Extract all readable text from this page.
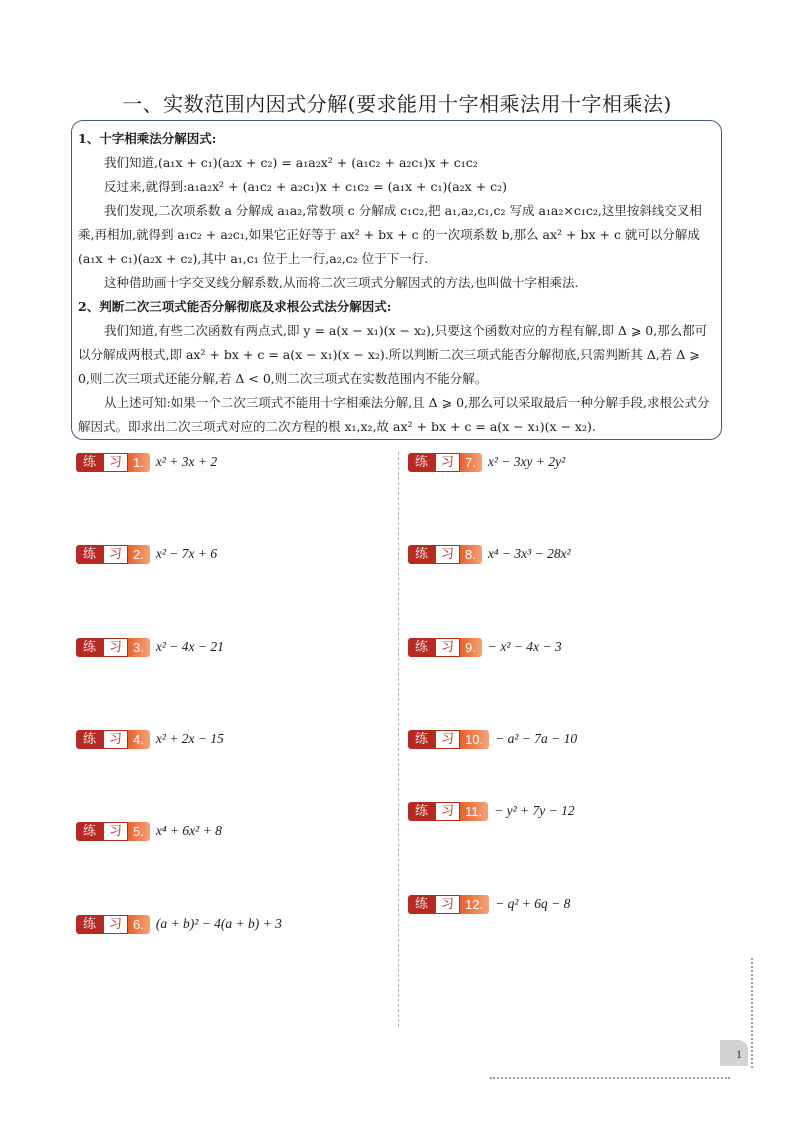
一、实数范围内因式分解(要求能用十字相乘法用十字相乘法)

1、十字相乘法分解因式:

我们知道,(a₁x + c₁)(a₂x + c₂) = a₁a₂x² + (a₁c₂ + a₂c₁)x + c₁c₂

反过来,就得到:a₁a₂x² + (a₁c₂ + a₂c₁)x + c₁c₂ = (a₁x + c₁)(a₂x + c₂)

我们发现,二次项系数 a 分解成 a₁a₂,常数项 c 分解成 c₁c₂,把 a₁,a₂,c₁,c₂ 写成 a₁a₂×c₁c₂,这里按斜线交叉相乘,再相加,就得到 a₁c₂ + a₂c₁,如果它正好等于 ax² + bx + c 的一次项系数 b,那么 ax² + bx + c 就可以分解成(a₁x + c₁)(a₂x + c₂),其中 a₁,c₁ 位于上一行,a₂,c₂ 位于下一行.

这种借助画十字交叉线分解系数,从而将二次三项式分解因式的方法,也叫做十字相乘法.

2、判断二次三项式能否分解彻底及求根公式法分解因式:

我们知道,有些二次函数有两点式,即 y = a(x − x₁)(x − x₂),只要这个函数对应的方程有解,即 Δ ⩾ 0,那么都可以分解成两根式,即 ax² + bx + c = a(x − x₁)(x − x₂).所以判断二次三项式能否分解彻底,只需判断其 Δ,若 Δ ⩾ 0,则二次三项式还能分解,若 Δ < 0,则二次三项式在实数范围内不能分解。

从上述可知:如果一个二次三项式不能用十字相乘法分解,且 Δ ⩾ 0,那么可以采取最后一种分解手段,求根公式分解因式。即求出二次三项式对应的二次方程的根 x₁,x₂,故 ax² + bx + c = a(x − x₁)(x − x₂).

练 习 1. x² + 3x + 2
练 习 2. x² − 7x + 6
练 习 3. x² − 4x − 21
练 习 4. x² + 2x − 15
练 习 5. x⁴ + 6x² + 8
练 习 6. (a + b)² − 4(a + b) + 3
练 习 7. x² − 3xy + 2y²
练 习 8. x⁴ − 3x³ − 28x²
练 习 9. − x² − 4x − 3
练 习 10. − a² − 7a − 10
练 习 11. − y² + 7y − 12
练 习 12. − q² + 6q − 8
1
